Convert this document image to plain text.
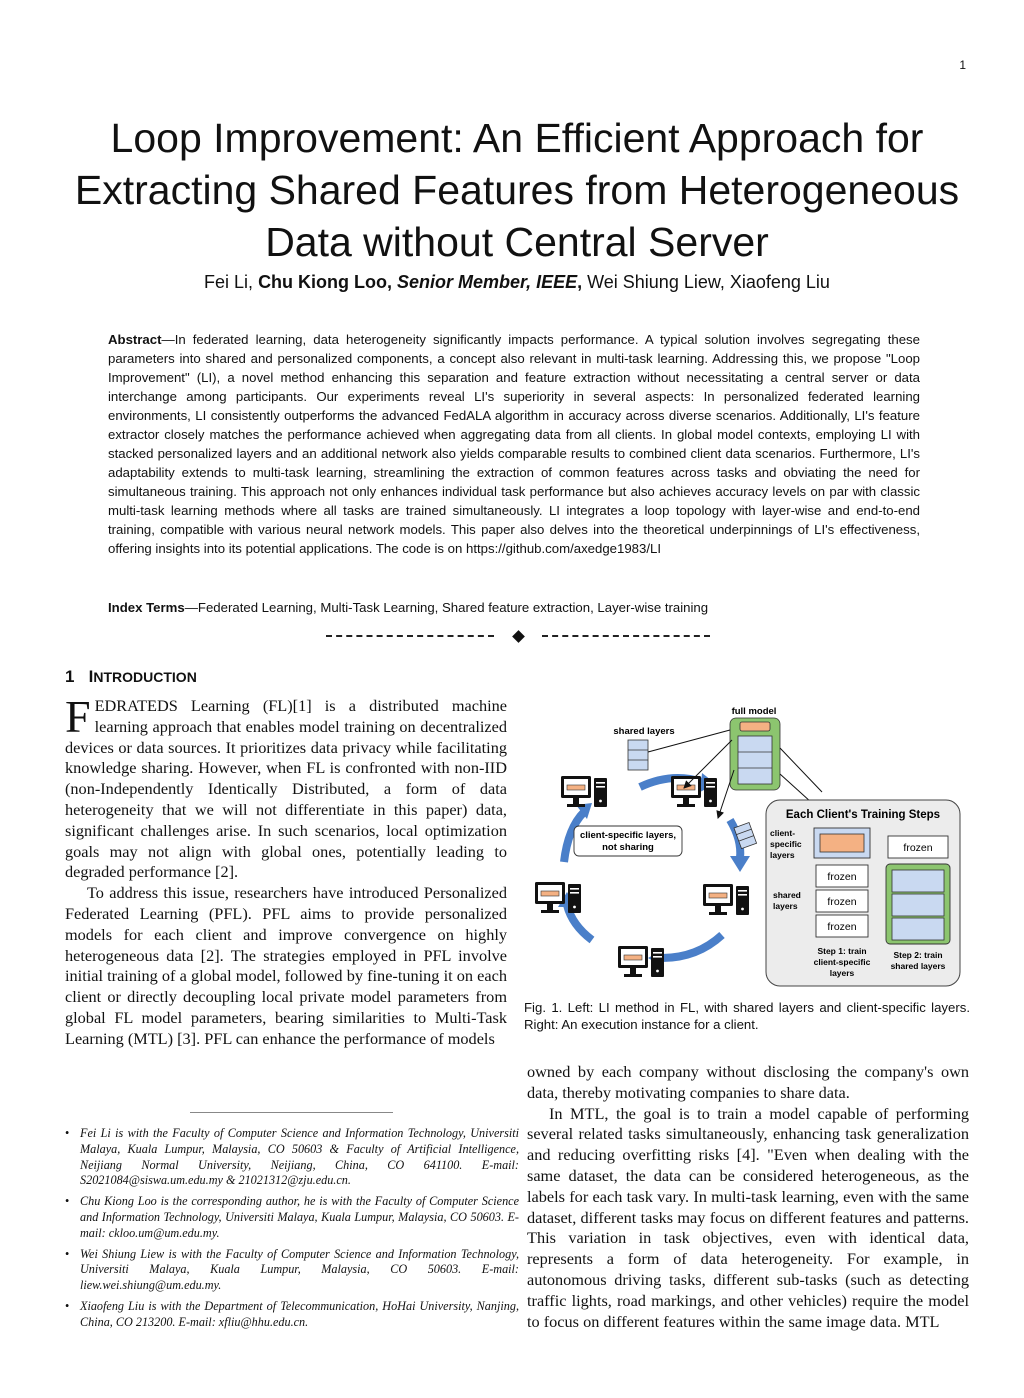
1
Loop Improvement: An Efficient Approach for Extracting Shared Features from Heterogeneous Data without Central Server
Fei Li, Chu Kiong Loo, Senior Member, IEEE, Wei Shiung Liew, Xiaofeng Liu

Abstract—In federated learning, data heterogeneity significantly impacts performance. A typical solution involves segregating these parameters into shared and personalized components, a concept also relevant in multi-task learning. Addressing this, we propose "Loop Improvement" (LI), a novel method enhancing this separation and feature extraction without necessitating a central server or data interchange among participants. Our experiments reveal LI's superiority in several aspects: In personalized federated learning environments, LI consistently outperforms the advanced FedALA algorithm in accuracy across diverse scenarios. Additionally, LI's feature extractor closely matches the performance achieved when aggregating data from all clients. In global model contexts, employing LI with stacked personalized layers and an additional network also yields comparable results to combined client data scenarios. Furthermore, LI's adaptability extends to multi-task learning, streamlining the extraction of common features across tasks and obviating the need for simultaneous training. This approach not only enhances individual task performance but also achieves accuracy levels on par with classic multi-task learning methods where all tasks are trained simultaneously. LI integrates a loop topology with layer-wise and end-to-end training, compatible with various neural network models. This paper also delves into the theoretical underpinnings of LI's effectiveness, offering insights into its potential applications. The code is on https://github.com/axedge1983/LI

Index Terms—Federated Learning, Multi-Task Learning, Shared feature extraction, Layer-wise training

1 INTRODUCTION

FEDRATEDS Learning (FL)[1] is a distributed machine learning approach that enables model training on decentralized devices or data sources. It prioritizes data privacy while facilitating knowledge sharing. However, when FL is confronted with non-IID (non-Independently Identically Distributed, a form of data heterogeneity that we will not differentiate in this paper) data, significant challenges arise. In such scenarios, local optimization goals may not align with global ones, potentially leading to degraded performance [2].

To address this issue, researchers have introduced Personalized Federated Learning (PFL). PFL aims to provide personalized models for each client and improve convergence on highly heterogeneous data [2]. The strategies employed in PFL involve initial training of a global model, followed by fine-tuning it on each client or directly decoupling local private model parameters from global FL model parameters, bearing similarities to Multi-Task Learning (MTL) [3]. PFL can enhance the performance of models

• Fei Li is with the Faculty of Computer Science and Information Technology, Universiti Malaya, Kuala Lumpur, Malaysia, CO 50603 & Faculty of Artificial Intelligence, Neijiang Normal University, Neijiang, China, CO 641100. E-mail: S2021084@siswa.um.edu.my & 21021312@zju.edu.cn.
• Chu Kiong Loo is the corresponding author, he is with the Faculty of Computer Science and Information Technology, Universiti Malaya, Kuala Lumpur, Malaysia, CO 50603. E-mail: ckloo.um@um.edu.my.
• Wei Shiung Liew is with the Faculty of Computer Science and Information Technology, Universiti Malaya, Kuala Lumpur, Malaysia, CO 50603. E-mail: liew.wei.shiung@um.edu.my.
• Xiaofeng Liu is with the Department of Telecommunication, HoHai University, Nanjing, China, CO 213200. E-mail: xfliu@hhu.edu.cn.
shared layers
full model
client-specific layers,
not sharing
Each Client's Training Steps
client-
specific
layers
shared
layers
frozen
frozen
frozen
frozen
Step 1: train
client-specific
layers
Step 2: train
shared layers

Fig. 1. Left: LI method in FL, with shared layers and client-specific layers. Right: An execution instance for a client.

owned by each company without disclosing the company's own data, thereby motivating companies to share data.

In MTL, the goal is to train a model capable of performing several related tasks simultaneously, enhancing task generalization and reducing overfitting risks [4]. "Even when dealing with the same dataset, the data can be considered heterogeneous, as the labels for each task vary. In multi-task learning, even with the same dataset, different tasks may focus on different features and patterns. This variation in task objectives, even with identical data, represents a form of data heterogeneity. For example, in autonomous driving tasks, different sub-tasks (such as detecting traffic lights, road markings, and other vehicles) require the model to focus on different features within the same image data. MTL
